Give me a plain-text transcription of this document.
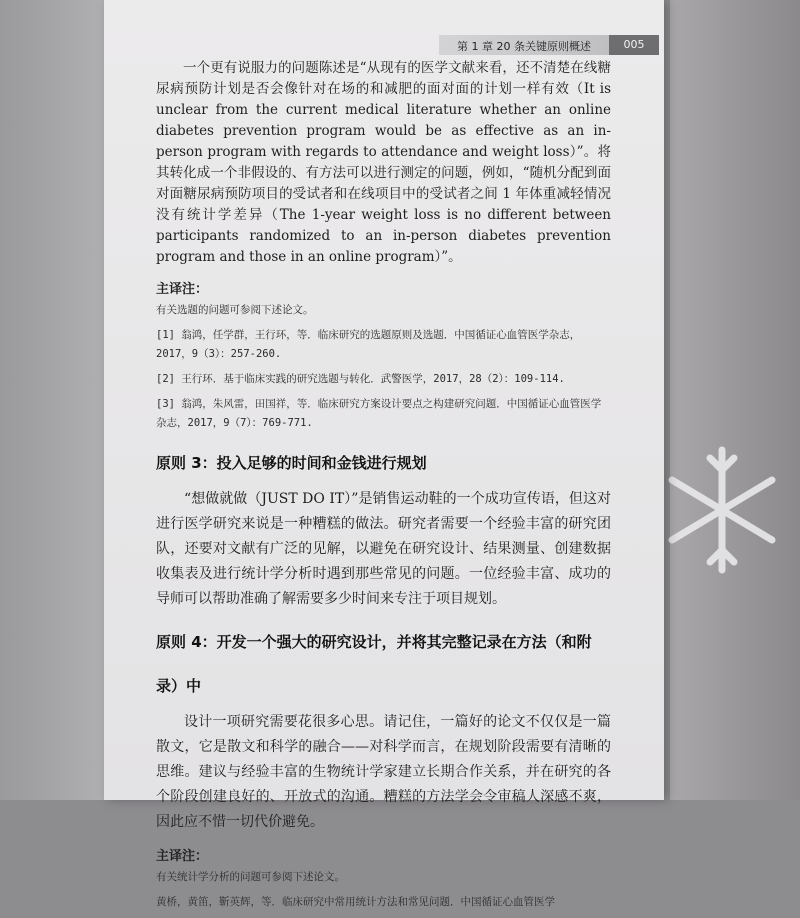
第 1 章 20 条关键原则概述	005

一个更有说服力的问题陈述是“从现有的医学文献来看，还不清楚在线糖尿病预防计划是否会像针对在场的和减肥的面对面的计划一样有效（It is unclear from the current medical literature whether an online diabetes prevention program would be as effective as an in-person program with regards to attendance and weight loss）”。将其转化成一个非假设的、有方法可以进行测定的问题，例如，“随机分配到面对面糖尿病预防项目的受试者和在线项目中的受试者之间 1 年体重减轻情况没有统计学差异（The 1-year weight loss is no different between participants randomized to an in-person diabetes prevention program and those in an online program）”。

主译注：

有关选题的问题可参阅下述论文。

[1] 翁鸿，任学群，王行环，等．临床研究的选题原则及选题．中国循证心血管医学杂志，2017，9（3）：257-260.

[2] 王行环．基于临床实践的研究选题与转化．武警医学，2017，28（2）：109-114.

[3] 翁鸿，朱风雷，田国祥，等．临床研究方案设计要点之构建研究问题．中国循证心血管医学杂志，2017，9（7）：769-771.

原则 3：投入足够的时间和金钱进行规划

“想做就做（JUST DO IT）”是销售运动鞋的一个成功宣传语，但这对进行医学研究来说是一种糟糕的做法。研究者需要一个经验丰富的研究团队，还要对文献有广泛的见解，以避免在研究设计、结果测量、创建数据收集表及进行统计学分析时遇到那些常见的问题。一位经验丰富、成功的导师可以帮助准确了解需要多少时间来专注于项目规划。

原则 4：开发一个强大的研究设计，并将其完整记录在方法（和附录）中

设计一项研究需要花很多心思。请记住，一篇好的论文不仅仅是一篇散文，它是散文和科学的融合——对科学而言，在规划阶段需要有清晰的思维。建议与经验丰富的生物统计学家建立长期合作关系，并在研究的各个阶段创建良好的、开放式的沟通。糟糕的方法学会令审稿人深感不爽，因此应不惜一切代价避免。

主译注：

有关统计学分析的问题可参阅下述论文。

黄桥，黄笛，靳英辉，等．临床研究中常用统计方法和常见问题．中国循证心血管医学
